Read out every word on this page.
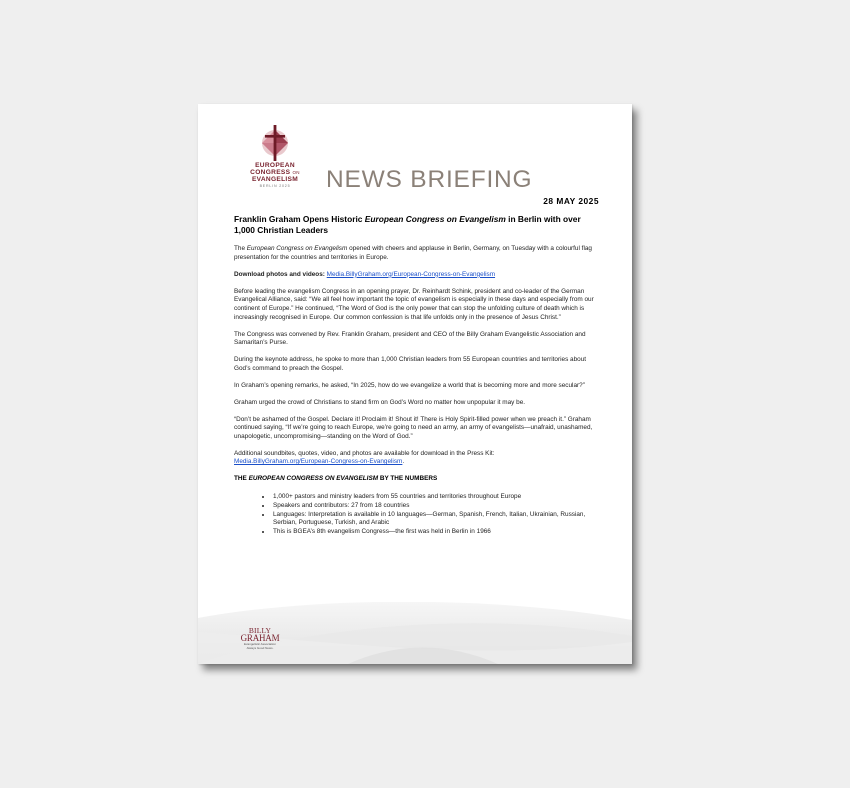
EUROPEAN
CONGRESS ON
EVANGELISM
BERLIN 2025	NEWS BRIEFING
28 MAY 2025
Franklin Graham Opens Historic European Congress on Evangelism in Berlin with over 1,000 Christian Leaders

The European Congress on Evangelism opened with cheers and applause in Berlin, Germany, on Tuesday with a colourful flag presentation for the countries and territories in Europe.

Download photos and videos: Media.BillyGraham.org/European-Congress-on-Evangelism

Before leading the evangelism Congress in an opening prayer, Dr. Reinhardt Schink, president and co-leader of the German Evangelical Alliance, said: “We all feel how important the topic of evangelism is especially in these days and especially from our continent of Europe.” He continued, “The Word of God is the only power that can stop the unfolding culture of death which is increasingly recognised in Europe. Our common confession is that life unfolds only in the presence of Jesus Christ.”

The Congress was convened by Rev. Franklin Graham, president and CEO of the Billy Graham Evangelistic Association and Samaritan’s Purse.

During the keynote address, he spoke to more than 1,000 Christian leaders from 55 European countries and territories about God’s command to preach the Gospel.

In Graham’s opening remarks, he asked, “In 2025, how do we evangelize a world that is becoming more and more secular?”

Graham urged the crowd of Christians to stand firm on God’s Word no matter how unpopular it may be.

“Don’t be ashamed of the Gospel. Declare it! Proclaim it! Shout it! There is Holy Spirit-filled power when we preach it.” Graham continued saying, “If we’re going to reach Europe, we’re going to need an army, an army of evangelists—unafraid, unashamed, unapologetic, uncompromising—standing on the Word of God.”

Additional soundbites, quotes, video, and photos are available for download in the Press Kit:
Media.BillyGraham.org/European-Congress-on-Evangelism.

THE EUROPEAN CONGRESS ON EVANGELISM BY THE NUMBERS
• 1,000+ pastors and ministry leaders from 55 countries and territories throughout Europe
• Speakers and contributors: 27 from 18 countries
• Languages: Interpretation is available in 10 languages—German, Spanish, French, Italian, Ukrainian, Russian, Serbian, Portuguese, Turkish, and Arabic
• This is BGEA’s 8th evangelism Congress—the first was held in Berlin in 1966
BILLY
GRAHAM
Evangelistic Association
Always Good News.
